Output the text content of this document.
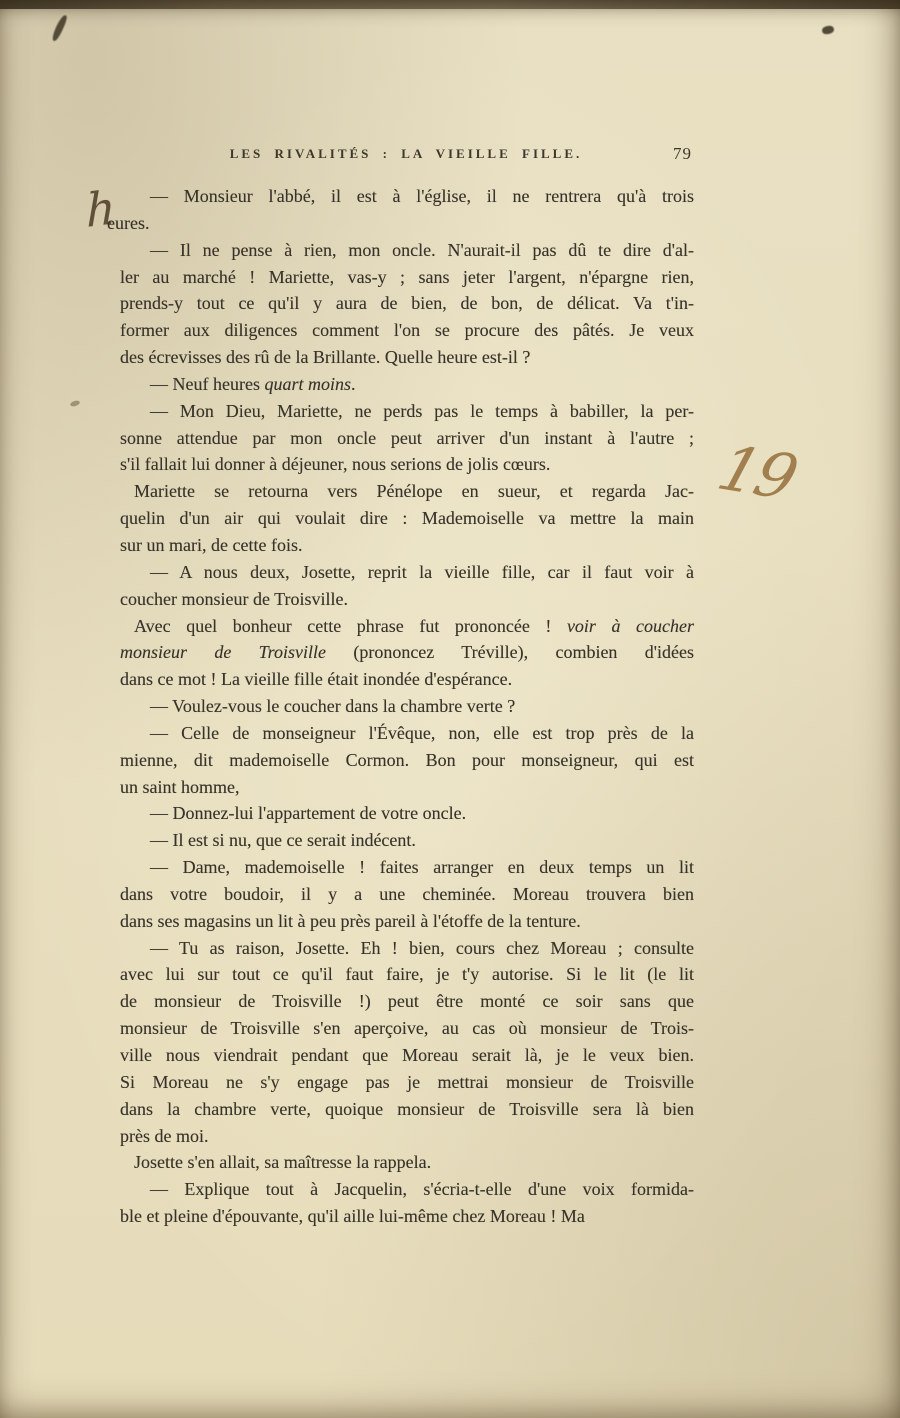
LES RIVALITÉS : LA VIEILLE FILLE.	79
h
19
— Monsieur l'abbé, il est à l'église, il ne rentrera qu'à trois
eures.
— Il ne pense à rien, mon oncle. N'aurait-il pas dû te dire d'al-
ler au marché ! Mariette, vas-y ; sans jeter l'argent, n'épargne rien,
prends-y tout ce qu'il y aura de bien, de bon, de délicat. Va t'in-
former aux diligences comment l'on se procure des pâtés. Je veux
des écrevisses des rû de la Brillante. Quelle heure est-il ?
— Neuf heures quart moins.
— Mon Dieu, Mariette, ne perds pas le temps à babiller, la per-
sonne attendue par mon oncle peut arriver d'un instant à l'autre ;
s'il fallait lui donner à déjeuner, nous serions de jolis cœurs.
Mariette se retourna vers Pénélope en sueur, et regarda Jac-
quelin d'un air qui voulait dire : Mademoiselle va mettre la main
sur un mari, de cette fois.
— A nous deux, Josette, reprit la vieille fille, car il faut voir à
coucher monsieur de Troisville.
Avec quel bonheur cette phrase fut prononcée ! voir à coucher
monsieur de Troisville (prononcez Tréville), combien d'idées
dans ce mot ! La vieille fille était inondée d'espérance.
— Voulez-vous le coucher dans la chambre verte ?
— Celle de monseigneur l'Évêque, non, elle est trop près de la
mienne, dit mademoiselle Cormon. Bon pour monseigneur, qui est
un saint homme,
— Donnez-lui l'appartement de votre oncle.
— Il est si nu, que ce serait indécent.
— Dame, mademoiselle ! faites arranger en deux temps un lit
dans votre boudoir, il y a une cheminée. Moreau trouvera bien
dans ses magasins un lit à peu près pareil à l'étoffe de la tenture.
— Tu as raison, Josette. Eh ! bien, cours chez Moreau ; consulte
avec lui sur tout ce qu'il faut faire, je t'y autorise. Si le lit (le lit
de monsieur de Troisville !) peut être monté ce soir sans que
monsieur de Troisville s'en aperçoive, au cas où monsieur de Trois-
ville nous viendrait pendant que Moreau serait là, je le veux bien.
Si Moreau ne s'y engage pas je mettrai monsieur de Troisville
dans la chambre verte, quoique monsieur de Troisville sera là bien
près de moi.
Josette s'en allait, sa maîtresse la rappela.
— Explique tout à Jacquelin, s'écria-t-elle d'une voix formida-
ble et pleine d'épouvante, qu'il aille lui-même chez Moreau ! Ma
